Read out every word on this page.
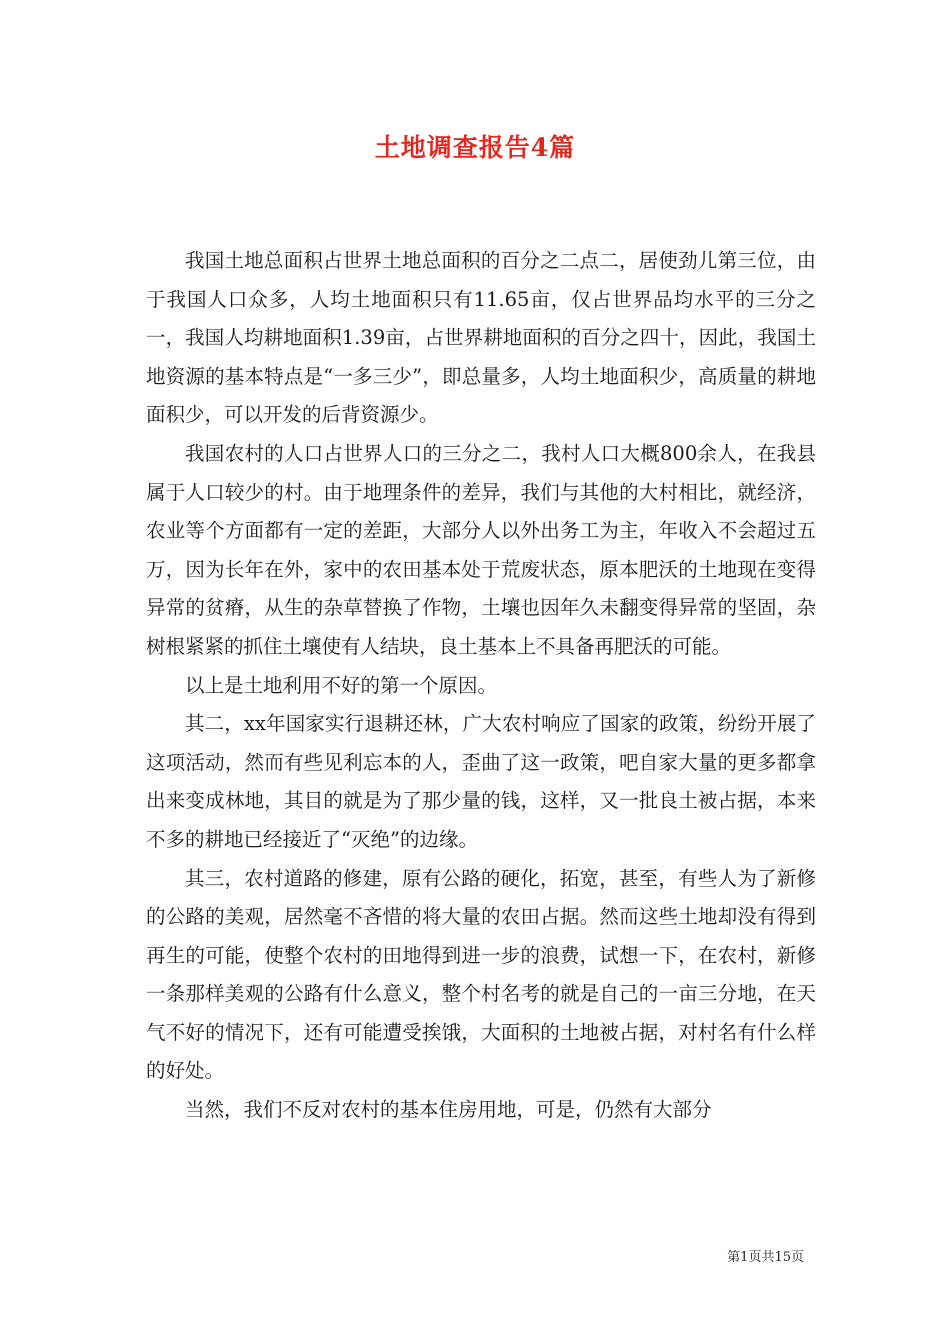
土地调查报告4篇

我国土地总面积占世界土地总面积的百分之二点二，居使劲儿第三位，由于我国人口众多，人均土地面积只有11.65亩，仅占世界品均水平的三分之一，我国人均耕地面积1.39亩，占世界耕地面积的百分之四十，因此，我国土地资源的基本特点是“一多三少”，即总量多，人均土地面积少，高质量的耕地面积少，可以开发的后背资源少。

我国农村的人口占世界人口的三分之二，我村人口大概800余人，在我县属于人口较少的村。由于地理条件的差异，我们与其他的大村相比，就经济，农业等个方面都有一定的差距，大部分人以外出务工为主，年收入不会超过五万，因为长年在外，家中的农田基本处于荒废状态，原本肥沃的土地现在变得异常的贫瘠，从生的杂草替换了作物，土壤也因年久未翻变得异常的坚固，杂树根紧紧的抓住土壤使有人结块，良土基本上不具备再肥沃的可能。

以上是土地利用不好的第一个原因。

其二，xx年国家实行退耕还林，广大农村响应了国家的政策，纷纷开展了这项活动，然而有些见利忘本的人，歪曲了这一政策，吧自家大量的更多都拿出来变成林地，其目的就是为了那少量的钱，这样，又一批良土被占据，本来不多的耕地已经接近了“灭绝”的边缘。

其三，农村道路的修建，原有公路的硬化，拓宽，甚至，有些人为了新修的公路的美观，居然毫不吝惜的将大量的农田占据。然而这些土地却没有得到再生的可能，使整个农村的田地得到进一步的浪费，试想一下，在农村，新修一条那样美观的公路有什么意义，整个村名考的就是自己的一亩三分地，在天气不好的情况下，还有可能遭受挨饿，大面积的土地被占据，对村名有什么样的好处。

当然，我们不反对农村的基本住房用地，可是，仍然有大部分

第1页共15页
